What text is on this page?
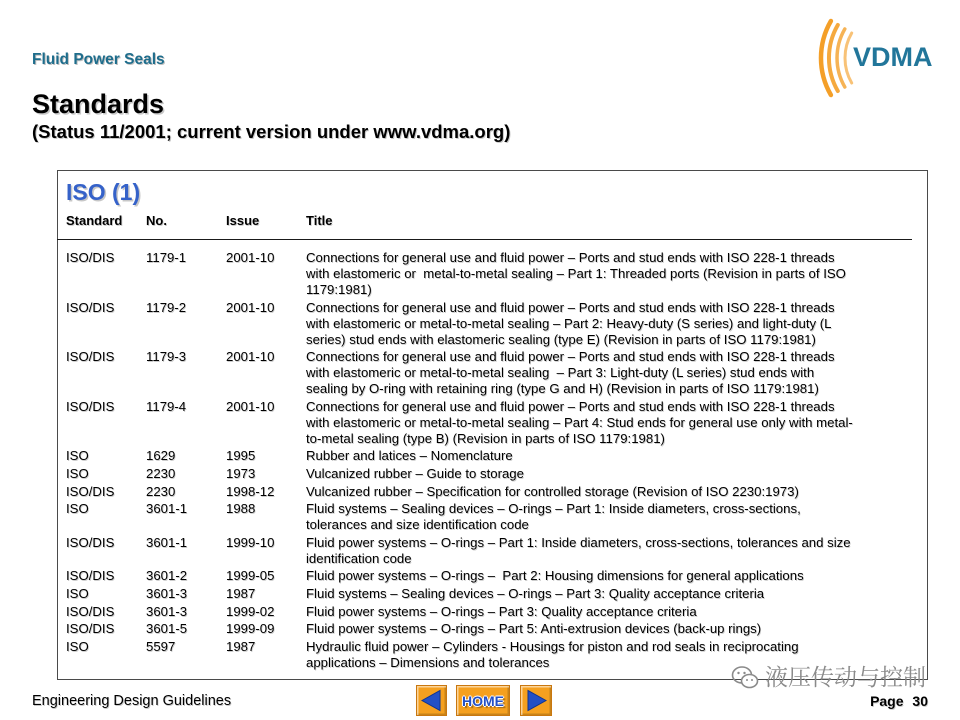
Fluid Power Seals
Standards
(Status 11/2001; current version under www.vdma.org)
VDMA
ISO (1)
Standard	No.	Issue	Title
ISO/DIS	1179-1	2001-10	Connections for general use and fluid power – Ports and stud ends with ISO 228-1 threads
with elastomeric or  metal-to-metal sealing – Part 1: Threaded ports (Revision in parts of ISO
1179:1981)
ISO/DIS	1179-2	2001-10	Connections for general use and fluid power – Ports and stud ends with ISO 228-1 threads
with elastomeric or metal-to-metal sealing – Part 2: Heavy-duty (S series) and light-duty (L
series) stud ends with elastomeric sealing (type E) (Revision in parts of ISO 1179:1981)
ISO/DIS	1179-3	2001-10	Connections for general use and fluid power – Ports and stud ends with ISO 228-1 threads
with elastomeric or metal-to-metal sealing  – Part 3: Light-duty (L series) stud ends with
sealing by O-ring with retaining ring (type G and H) (Revision in parts of ISO 1179:1981)
ISO/DIS	1179-4	2001-10	Connections for general use and fluid power – Ports and stud ends with ISO 228-1 threads
with elastomeric or metal-to-metal sealing – Part 4: Stud ends for general use only with metal-
to-metal sealing (type B) (Revision in parts of ISO 1179:1981)
ISO	1629	1995	Rubber and latices – Nomenclature
ISO	2230	1973	Vulcanized rubber – Guide to storage
ISO/DIS	2230	1998-12	Vulcanized rubber – Specification for controlled storage (Revision of ISO 2230:1973)
ISO	3601-1	1988	Fluid systems – Sealing devices – O-rings – Part 1: Inside diameters, cross-sections,
tolerances and size identification code
ISO/DIS	3601-1	1999-10	Fluid power systems – O-rings – Part 1: Inside diameters, cross-sections, tolerances and size
identification code
ISO/DIS	3601-2	1999-05	Fluid power systems – O-rings –  Part 2: Housing dimensions for general applications
ISO	3601-3	1987	Fluid systems – Sealing devices – O-rings – Part 3: Quality acceptance criteria
ISO/DIS	3601-3	1999-02	Fluid power systems – O-rings – Part 3: Quality acceptance criteria
ISO/DIS	3601-5	1999-09	Fluid power systems – O-rings – Part 5: Anti-extrusion devices (back-up rings)
ISO	5597	1987	Hydraulic fluid power – Cylinders - Housings for piston and rod seals in reciprocating
applications – Dimensions and tolerances
Engineering Design Guidelines	HOME	Page 30
液压传动与控制
